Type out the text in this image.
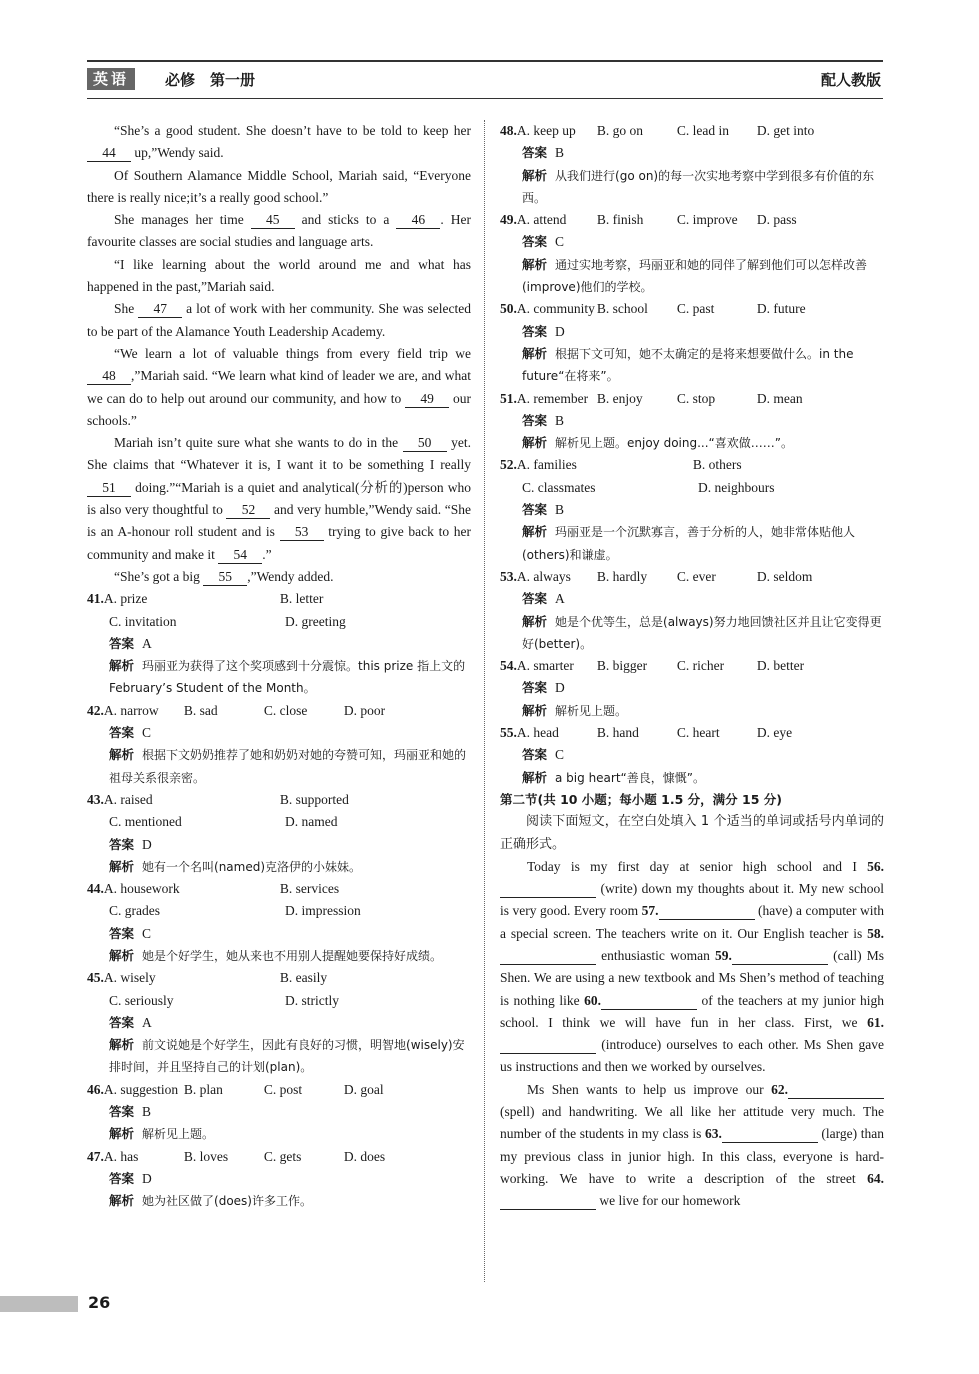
英语	必修　第一册	配人教版

“She’s a good student. She doesn’t have to be told to keep her 44 up,”Wendy said.

Of Southern Alamance Middle School, Mariah said, “Everyone there is really nice;it’s a really good school.”

She manages her time 45 and sticks to a 46 . Her favourite classes are social studies and language arts.

“I like learning about the world around me and what has happened in the past,”Mariah said.

She 47 a lot of work with her community. She was selected to be part of the Alamance Youth Leadership Academy.

“We learn a lot of valuable things from every field trip we 48 ,”Mariah said. “We learn what kind of leader we are, and what we can do to help out around our community, and how to 49 our schools.”

Mariah isn’t quite sure what she wants to do in the 50 yet. She claims that “Whatever it is, I want it to be something I really 51 doing.”“Mariah is a quiet and analytical(分析的)person who is also very thoughtful to 52 and very humble,”Wendy said. “She is an A-honour roll student and is 53 trying to give back to her community and make it 54 .”

“She’s got a big 55 ,”Wendy added.

41.A. prize	B. letter
C. invitation	D. greeting
答案 A
解析 玛丽亚为获得了这个奖项感到十分震惊。this prize 指上文的 February’s Student of the Month。
42.A. narrow B. sad	C. close	D. poor
答案 C
解析 根据下文奶奶推荐了她和奶奶对她的夸赞可知，玛丽亚和她的祖母关系很亲密。
43.A. raised	B. supported
C. mentioned	D. named
答案 D
解析 她有一个名叫(named)克洛伊的小妹妹。
44.A. housework	B. services
C. grades	D. impression
答案 C
解析 她是个好学生，她从来也不用别人提醒她要保持好成绩。
45.A. wisely	B. easily
C. seriously	D. strictly
答案 A
解析 前文说她是个好学生，因此有良好的习惯，明智地(wisely)安排时间，并且坚持自己的计划(plan)。
46.A. suggestion B. plan	C. post	D. goal
答案 B
解析 解析见上题。
47.A. has	B. loves	C. gets	D. does
答案 D
解析 她为社区做了(does)许多工作。
48.A. keep up B. go on	C. lead in D. get into
答案 B
解析 从我们进行(go on)的每一次实地考察中学到很多有价值的东西。
49.A. attend B. finish C. improve D. pass
答案 C
解析 通过实地考察，玛丽亚和她的同伴了解到他们可以怎样改善(improve)他们的学校。
50.A. community B. school C. past	D. future
答案 D
解析 根据下文可知，她不太确定的是将来想要做什么。in the future“在将来”。
51.A. remember B. enjoy	C. stop	D. mean
答案 B
解析 解析见上题。enjoy doing...“喜欢做……”。
52.A. families	B. others
C. classmates	D. neighbours
答案 B
解析 玛丽亚是一个沉默寡言，善于分析的人，她非常体贴他人(others)和谦虚。
53.A. always B. hardly C. ever	D. seldom
答案 A
解析 她是个优等生，总是(always)努力地回馈社区并且让它变得更好(better)。
54.A. smarter B. bigger C. richer D. better
答案 D
解析 解析见上题。
55.A. head	B. hand	C. heart	D. eye
答案 C
解析 a big heart“善良，慷慨”。

第二节(共 10 小题；每小题 1.5 分，满分 15 分)

阅读下面短文，在空白处填入 1 个适当的单词或括号内单词的正确形式。

Today is my first day at senior high school and I 56.  (write) down my thoughts about it. My new school is very good. Every room 57.	(have) a computer with a special screen. The teachers write on it. Our English teacher is 58.  enthusiastic woman 59.	(call) Ms Shen. We are using a new textbook and Ms Shen’s method of teaching is nothing like 60.	of the teachers at my junior high school. I think we will have fun in her class. First, we 61.  (introduce) ourselves to each other. Ms Shen gave us instructions and then we worked by ourselves.

Ms Shen wants to help us improve our 62.  (spell) and handwriting. We all like her attitude very much. The number of the students in my class is 63.	(large) than my previous class in junior high. In this class, everyone is hard-working. We have to write a description of the street 64.  we live for our homework

26
